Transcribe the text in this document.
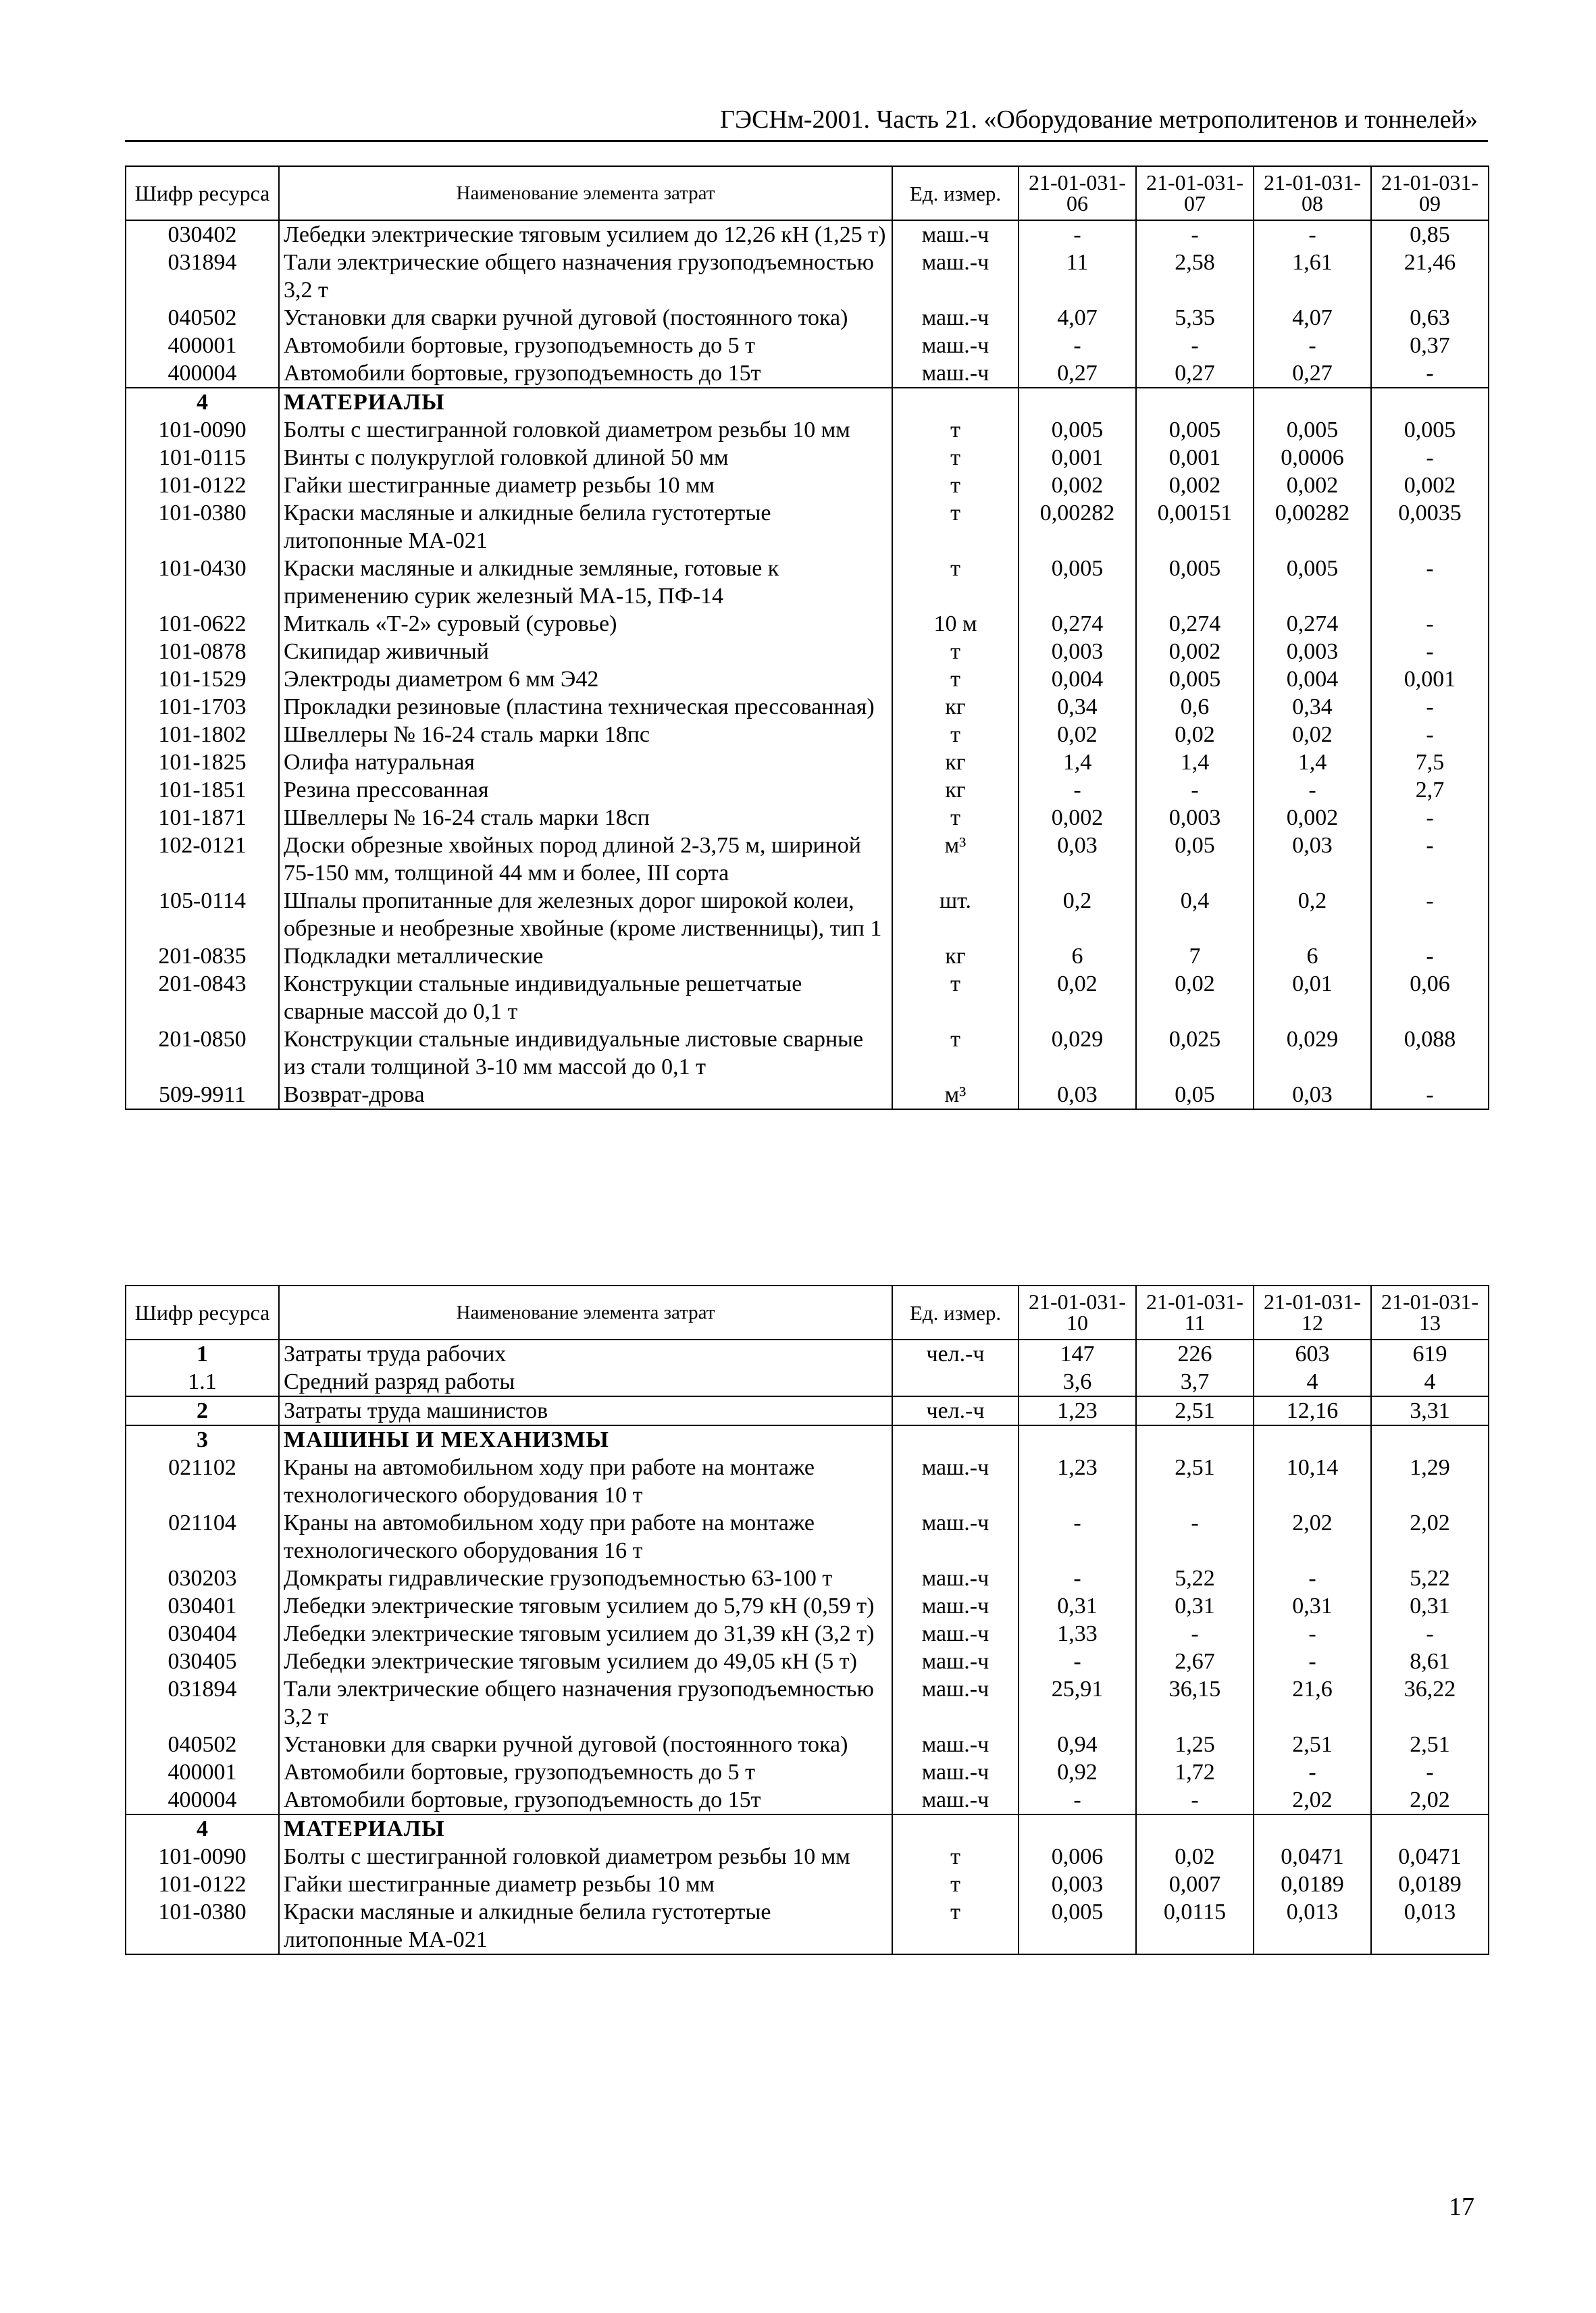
ГЭСНм-2001. Часть 21. «Оборудование метрополитенов и тоннелей»
Шифр ресурса	Наименование элемента затрат	Ед. измер.	21-01-031-06	21-01-031-07	21-01-031-08	21-01-031-09
030402	Лебедки электрические тяговым усилием до 12,26 кН (1,25 т)	маш.-ч	-	-	-	0,85
031894	Тали электрические общего назначения грузоподъемностью 3,2 т	маш.-ч	11	2,58	1,61	21,46
040502	Установки для сварки ручной дуговой (постоянного тока)	маш.-ч	4,07	5,35	4,07	0,63
400001	Автомобили бортовые, грузоподъемность до 5 т	маш.-ч	-	-	-	0,37
400004	Автомобили бортовые, грузоподъемность до 15т	маш.-ч	0,27	0,27	0,27	-
4	МАТЕРИАЛЫ					
101-0090	Болты с шестигранной головкой диаметром резьбы 10 мм	т	0,005	0,005	0,005	0,005
101-0115	Винты с полукруглой головкой длиной 50 мм	т	0,001	0,001	0,0006	-
101-0122	Гайки шестигранные диаметр резьбы 10 мм	т	0,002	0,002	0,002	0,002
101-0380	Краски масляные и алкидные белила густотертые литопонные МА-021	т	0,00282	0,00151	0,00282	0,0035
101-0430	Краски масляные и алкидные земляные, готовые к применению сурик железный МА-15, ПФ-14	т	0,005	0,005	0,005	-
101-0622	Миткаль «Т-2» суровый (суровье)	10 м	0,274	0,274	0,274	-
101-0878	Скипидар живичный	т	0,003	0,002	0,003	-
101-1529	Электроды диаметром 6 мм Э42	т	0,004	0,005	0,004	0,001
101-1703	Прокладки резиновые (пластина техническая прессованная)	кг	0,34	0,6	0,34	-
101-1802	Швеллеры № 16-24 сталь марки 18пс	т	0,02	0,02	0,02	-
101-1825	Олифа натуральная	кг	1,4	1,4	1,4	7,5
101-1851	Резина прессованная	кг	-	-	-	2,7
101-1871	Швеллеры № 16-24 сталь марки 18сп	т	0,002	0,003	0,002	-
102-0121	Доски обрезные хвойных пород длиной 2-3,75 м, шириной 75-150 мм, толщиной 44 мм и более, III сорта	м³	0,03	0,05	0,03	-
105-0114	Шпалы пропитанные для железных дорог широкой колеи, обрезные и необрезные хвойные (кроме лиственницы), тип 1	шт.	0,2	0,4	0,2	-
201-0835	Подкладки металлические	кг	6	7	6	-
201-0843	Конструкции стальные индивидуальные решетчатые сварные массой до 0,1 т	т	0,02	0,02	0,01	0,06
201-0850	Конструкции стальные индивидуальные листовые сварные из стали толщиной 3-10 мм массой до 0,1 т	т	0,029	0,025	0,029	0,088
509-9911	Возврат-дрова	м³	0,03	0,05	0,03	-
Шифр ресурса	Наименование элемента затрат	Ед. измер.	21-01-031-10	21-01-031-11	21-01-031-12	21-01-031-13
1	Затраты труда рабочих	чел.-ч	147	226	603	619
1.1	Средний разряд работы		3,6	3,7	4	4
2	Затраты труда машинистов	чел.-ч	1,23	2,51	12,16	3,31
3	МАШИНЫ И МЕХАНИЗМЫ					
021102	Краны на автомобильном ходу при работе на монтаже технологического оборудования 10 т	маш.-ч	1,23	2,51	10,14	1,29
021104	Краны на автомобильном ходу при работе на монтаже технологического оборудования 16 т	маш.-ч	-	-	2,02	2,02
030203	Домкраты гидравлические грузоподъемностью 63-100 т	маш.-ч	-	5,22	-	5,22
030401	Лебедки электрические тяговым усилием до 5,79 кН (0,59 т)	маш.-ч	0,31	0,31	0,31	0,31
030404	Лебедки электрические тяговым усилием до 31,39 кН (3,2 т)	маш.-ч	1,33	-	-	-
030405	Лебедки электрические тяговым усилием до 49,05 кН (5 т)	маш.-ч	-	2,67	-	8,61
031894	Тали электрические общего назначения грузоподъемностью 3,2 т	маш.-ч	25,91	36,15	21,6	36,22
040502	Установки для сварки ручной дуговой (постоянного тока)	маш.-ч	0,94	1,25	2,51	2,51
400001	Автомобили бортовые, грузоподъемность до 5 т	маш.-ч	0,92	1,72	-	-
400004	Автомобили бортовые, грузоподъемность до 15т	маш.-ч	-	-	2,02	2,02
4	МАТЕРИАЛЫ					
101-0090	Болты с шестигранной головкой диаметром резьбы 10 мм	т	0,006	0,02	0,0471	0,0471
101-0122	Гайки шестигранные диаметр резьбы 10 мм	т	0,003	0,007	0,0189	0,0189
101-0380	Краски масляные и алкидные белила густотертые литопонные МА-021	т	0,005	0,0115	0,013	0,013
17
